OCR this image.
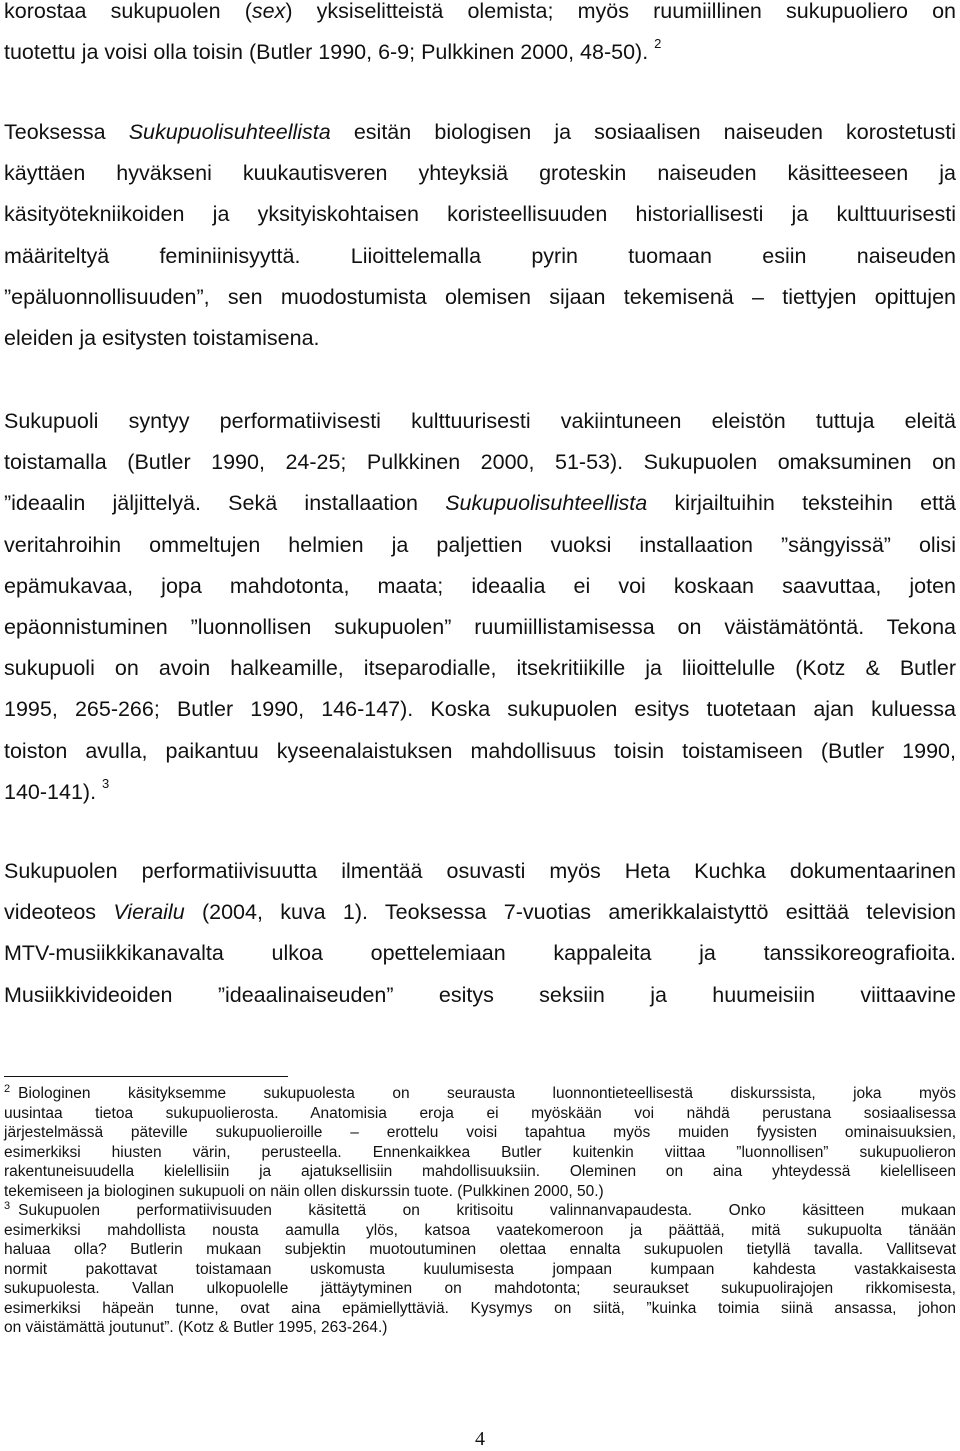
korostaa sukupuolen (sex) yksiselitteistä olemista; myös ruumiillinen sukupuoliero on
tuotettu ja voisi olla toisin (Butler 1990, 6-9; Pulkkinen 2000, 48-50). $^2$
Teoksessa Sukupuolisuhteellista esitän biologisen ja sosiaalisen naiseuden korostetusti
käyttäen hyväkseni kuukautisveren yhteyksiä groteskin naiseuden käsitteeseen ja
käsityötekniikoiden ja yksityiskohtaisen koristeellisuuden historiallisesti ja kulttuurisesti
määriteltyä feminiinisyyttä. Liioittelemalla pyrin tuomaan esiin naiseuden
”epäluonnollisuuden”, sen muodostumista olemisen sijaan tekemisenä – tiettyjen opittujen
eleiden ja esitysten toistamisena.
Sukupuoli syntyy performatiivisesti kulttuurisesti vakiintuneen eleistön tuttuja eleitä
toistamalla (Butler 1990, 24-25; Pulkkinen 2000, 51-53). Sukupuolen omaksuminen on
”ideaalin jäljittelyä. Sekä installaation Sukupuolisuhteellista kirjailtuihin teksteihin että
veritahroihin ommeltujen helmien ja paljettien vuoksi installaation ”sängyissä” olisi
epämukavaa, jopa mahdotonta, maata; ideaalia ei voi koskaan saavuttaa, joten
epäonnistuminen ”luonnollisen sukupuolen” ruumiillistamisessa on väistämätöntä. Tekona
sukupuoli on avoin halkeamille, itseparodialle, itsekritiikille ja liioittelulle (Kotz & Butler
1995, 265-266; Butler 1990, 146-147). Koska sukupuolen esitys tuotetaan ajan kuluessa
toiston avulla, paikantuu kyseenalaistuksen mahdollisuus toisin toistamiseen (Butler 1990,
140-141). $^3$
Sukupuolen performatiivisuutta ilmentää osuvasti myös Heta Kuchka dokumentaarinen
videoteos Vierailu (2004, kuva 1). Teoksessa 7-vuotias amerikkalaistyttö esittää television
MTV-musiikkikanavalta ulkoa opettelemiaan kappaleita ja tanssikoreografioita.
Musiikkivideoiden ”ideaalinaiseuden” esitys seksiin ja huumeisiin viittaavine
$^2$ Biologinen käsityksemme sukupuolesta on seurausta luonnontieteellisestä diskurssista, joka myös
uusintaa tietoa sukupuolierosta. Anatomisia eroja ei myöskään voi nähdä perustana sosiaalisessa
järjestelmässä päteville sukupuolieroille – erottelu voisi tapahtua myös muiden fyysisten ominaisuuksien,
esimerkiksi hiusten värin, perusteella. Ennenkaikkea Butler kuitenkin viittaa ”luonnollisen” sukupuolieron
rakentuneisuudella kielellisiin ja ajatuksellisiin mahdollisuuksiin. Oleminen on aina yhteydessä kielelliseen
tekemiseen ja biologinen sukupuoli on näin ollen diskurssin tuote. (Pulkkinen 2000, 50.)
$^3$ Sukupuolen performatiivisuuden käsitettä on kritisoitu valinnanvapaudesta. Onko käsitteen mukaan
esimerkiksi mahdollista nousta aamulla ylös, katsoa vaatekomeroon ja päättää, mitä sukupuolta tänään
haluaa olla? Butlerin mukaan subjektin muotoutuminen olettaa ennalta sukupuolen tietyllä tavalla. Vallitsevat
normit pakottavat toistamaan uskomusta kuulumisesta jompaan kumpaan kahdesta vastakkaisesta
sukupuolesta. Vallan ulkopuolelle jättäytyminen on mahdotonta; seuraukset sukupuolirajojen rikkomisesta,
esimerkiksi häpeän tunne, ovat aina epämiellyttäviä. Kysymys on siitä, ”kuinka toimia siinä ansassa, johon
on väistämättä joutunut”. (Kotz & Butler 1995, 263-264.)
4
